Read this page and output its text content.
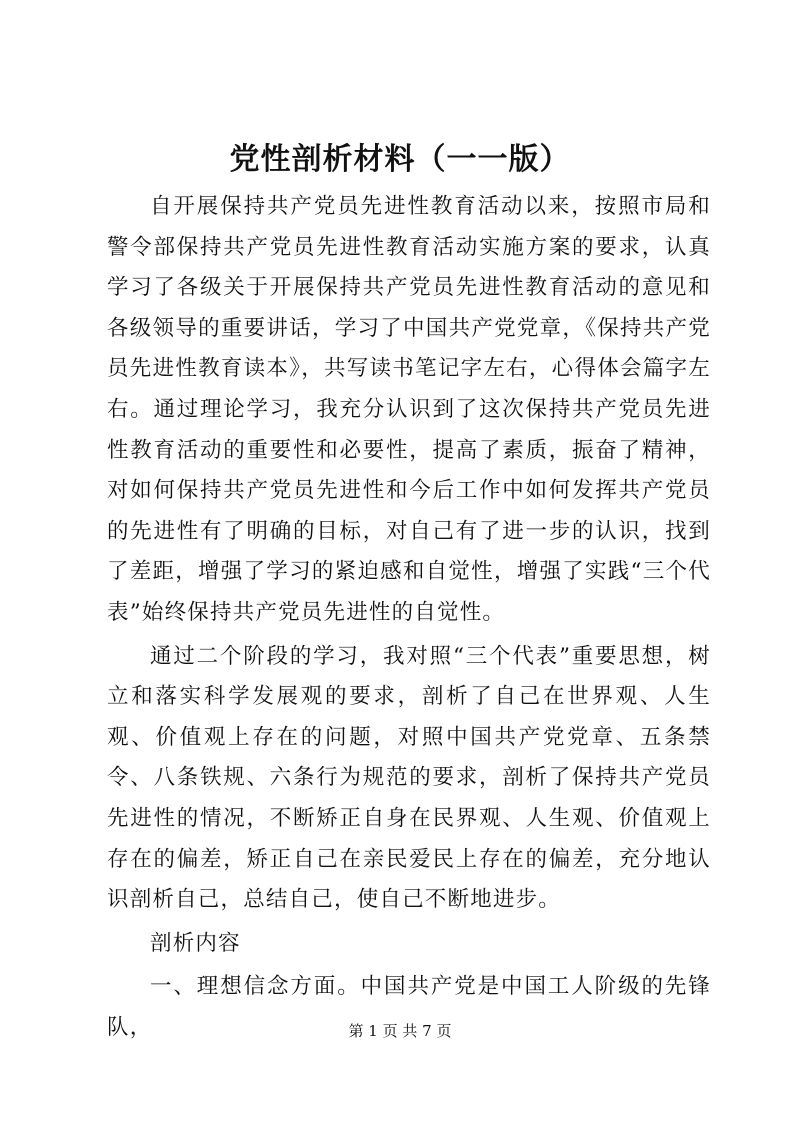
党性剖析材料（一一版）

自开展保持共产党员先进性教育活动以来，按照市局和警令部保持共产党员先进性教育活动实施方案的要求，认真学习了各级关于开展保持共产党员先进性教育活动的意见和各级领导的重要讲话，学习了中国共产党党章，《保持共产党员先进性教育读本》，共写读书笔记字左右，心得体会篇字左右。通过理论学习，我充分认识到了这次保持共产党员先进性教育活动的重要性和必要性，提高了素质，振奋了精神，对如何保持共产党员先进性和今后工作中如何发挥共产党员的先进性有了明确的目标，对自己有了进一步的认识，找到了差距，增强了学习的紧迫感和自觉性，增强了实践“三个代表”始终保持共产党员先进性的自觉性。

通过二个阶段的学习，我对照“三个代表”重要思想，树立和落实科学发展观的要求，剖析了自己在世界观、人生观、价值观上存在的问题，对照中国共产党党章、五条禁令、八条铁规、六条行为规范的要求，剖析了保持共产党员先进性的情况，不断矫正自身在民界观、人生观、价值观上存在的偏差，矫正自己在亲民爱民上存在的偏差，充分地认识剖析自己，总结自己，使自己不断地进步。

剖析内容

一、理想信念方面。中国共产党是中国工人阶级的先锋队，	第 1 页 共 7 页
